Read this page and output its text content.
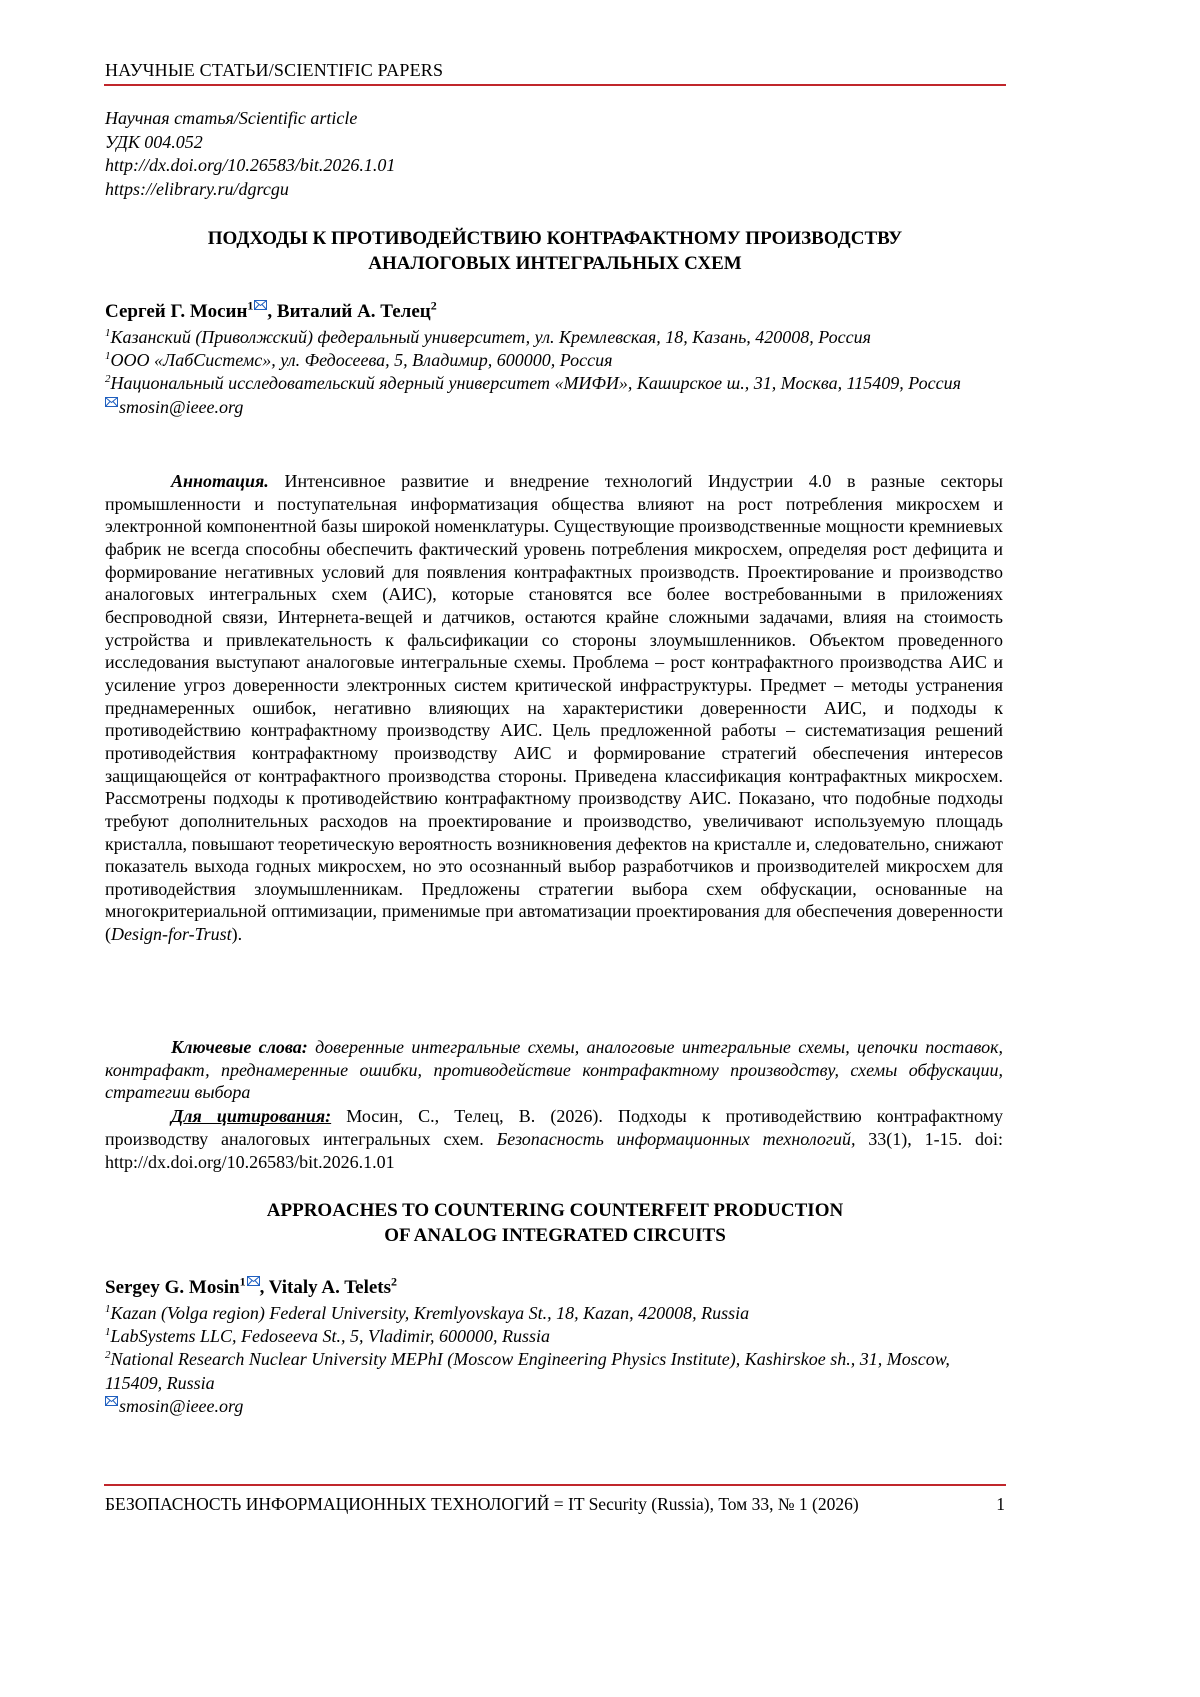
НАУЧНЫЕ СТАТЬИ/SCIENTIFIC PAPERS
Научная статья/Scientific article
УДК 004.052
http://dx.doi.org/10.26583/bit.2026.1.01
https://elibrary.ru/dgrcgu
ПОДХОДЫ К ПРОТИВОДЕЙСТВИЮ КОНТРАФАКТНОМУ ПРОИЗВОДСТВУ
АНАЛОГОВЫХ ИНТЕГРАЛЬНЫХ СХЕМ
Сергей Г. Мосин$^1$ , Виталий А. Телец$^2$
$^1$Казанский (Приволжский) федеральный университет, ул. Кремлевская, 18, Казань, 420008, Россия
$^1$ООО «ЛабСистемс», ул. Федосеева, 5, Владимир, 600000, Россия
$^2$Национальный исследовательский ядерный университет «МИФИ», Каширское ш., 31, Москва, 115409, Россия
smosin@ieee.org
Аннотация. Интенсивное развитие и внедрение технологий Индустрии 4.0 в разные секторы промышленности и поступательная информатизация общества влияют на рост потребления микросхем и электронной компонентной базы широкой номенклатуры. Существующие производственные мощности кремниевых фабрик не всегда способны обеспечить фактический уровень потребления микросхем, определяя рост дефицита и формирование негативных условий для появления контрафактных производств. Проектирование и производство аналоговых интегральных схем (АИС), которые становятся все более востребованными в приложениях беспроводной связи, Интернета-вещей и датчиков, остаются крайне сложными задачами, влияя на стоимость устройства и привлекательность к фальсификации со стороны злоумышленников. Объектом проведенного исследования выступают аналоговые интегральные схемы. Проблема – рост контрафактного производства АИС и усиление угроз доверенности электронных систем критической инфраструктуры. Предмет – методы устранения преднамеренных ошибок, негативно влияющих на характеристики доверенности АИС, и подходы к противодействию контрафактному производству АИС. Цель предложенной работы – систематизация решений противодействия контрафактному производству АИС и формирование стратегий обеспечения интересов защищающейся от контрафактного производства стороны. Приведена классификация контрафактных микросхем. Рассмотрены подходы к противодействию контрафактному производству АИС. Показано, что подобные подходы требуют дополнительных расходов на проектирование и производство, увеличивают используемую площадь кристалла, повышают теоретическую вероятность возникновения дефектов на кристалле и, следовательно, снижают показатель выхода годных микросхем, но это осознанный выбор разработчиков и производителей микросхем для противодействия злоумышленникам. Предложены стратегии выбора схем обфускации, основанные на многокритериальной оптимизации, применимые при автоматизации проектирования для обеспечения доверенности (Design-for-Trust).
Ключевые слова: доверенные интегральные схемы, аналоговые интегральные схемы, цепочки поставок, контрафакт, преднамеренные ошибки, противодействие контрафактному производству, схемы обфускации, стратегии выбора
Для цитирования: Мосин, С., Телец, В. (2026). Подходы к противодействию контрафактному производству аналоговых интегральных схем. Безопасность информационных технологий, 33(1), 1-15. doi: http://dx.doi.org/10.26583/bit.2026.1.01
APPROACHES TO COUNTERING COUNTERFEIT PRODUCTION
OF ANALOG INTEGRATED CIRCUITS
Sergey G. Mosin$^1$ , Vitaly A. Telets$^2$
$^1$Kazan (Volga region) Federal University, Kremlyovskaya St., 18, Kazan, 420008, Russia
$^1$LabSystems LLC, Fedoseeva St., 5, Vladimir, 600000, Russia
$^2$National Research Nuclear University MEPhI (Moscow Engineering Physics Institute), Kashirskoe sh., 31, Moscow, 115409, Russia
smosin@ieee.org
БЕЗОПАСНОСТЬ ИНФОРМАЦИОННЫХ ТЕХНОЛОГИЙ = IT Security (Russia), Том 33, № 1 (2026)	1
